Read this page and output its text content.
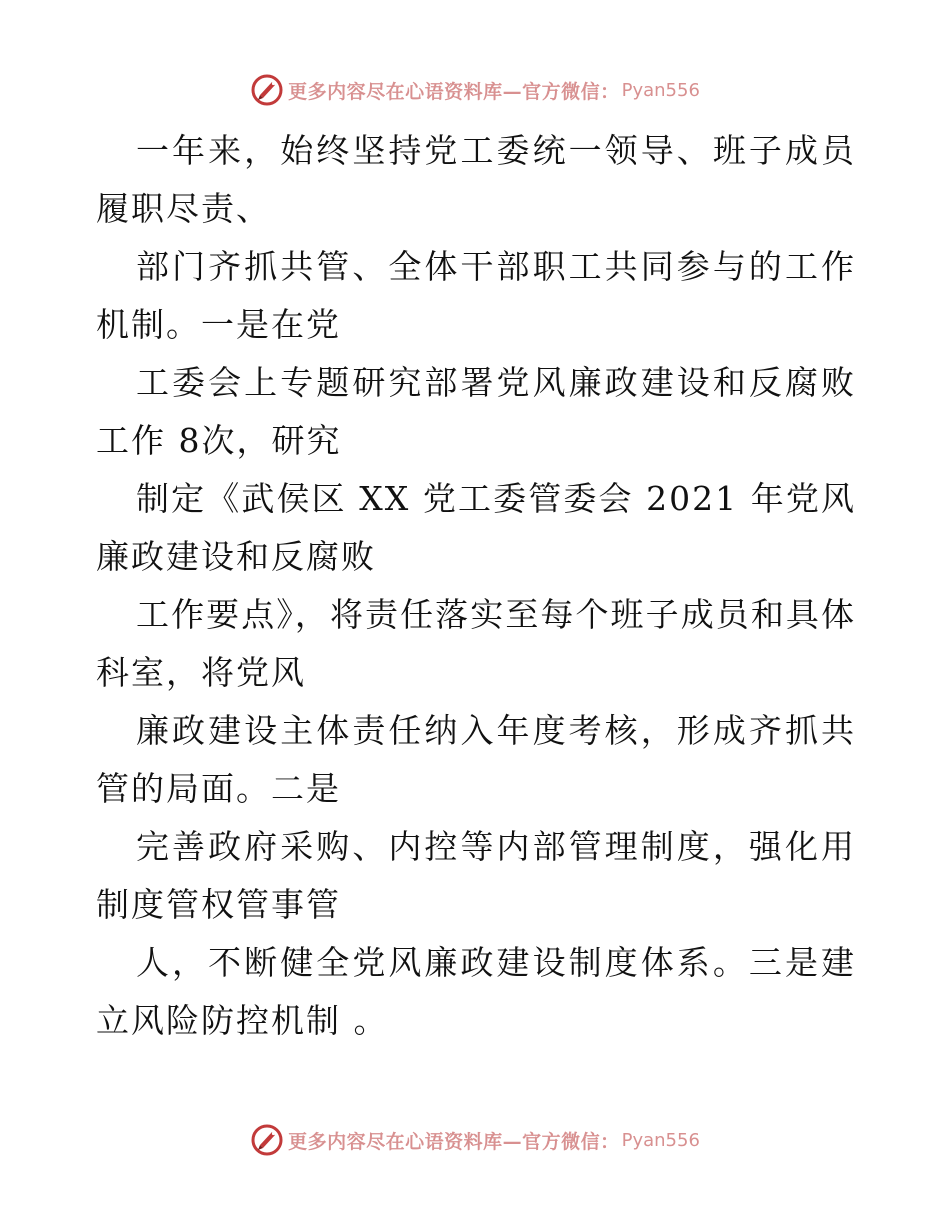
更多内容尽在心语资料库—官方微信： Pyan556

一年来，始终坚持党工委统一领导、班子成员履职尽责、

部门齐抓共管、全体干部职工共同参与的工作机制。一是在党

工委会上专题研究部署党风廉政建设和反腐败工作 8次，研究

制定《武侯区 XX 党工委管委会 2021 年党风廉政建设和反腐败

工作要点》，将责任落实至每个班子成员和具体科室，将党风

廉政建设主体责任纳入年度考核，形成齐抓共管的局面。二是

完善政府采购、内控等内部管理制度，强化用制度管权管事管

人，不断健全党风廉政建设制度体系。三是建立风险防控机制 。

更多内容尽在心语资料库—官方微信： Pyan556
